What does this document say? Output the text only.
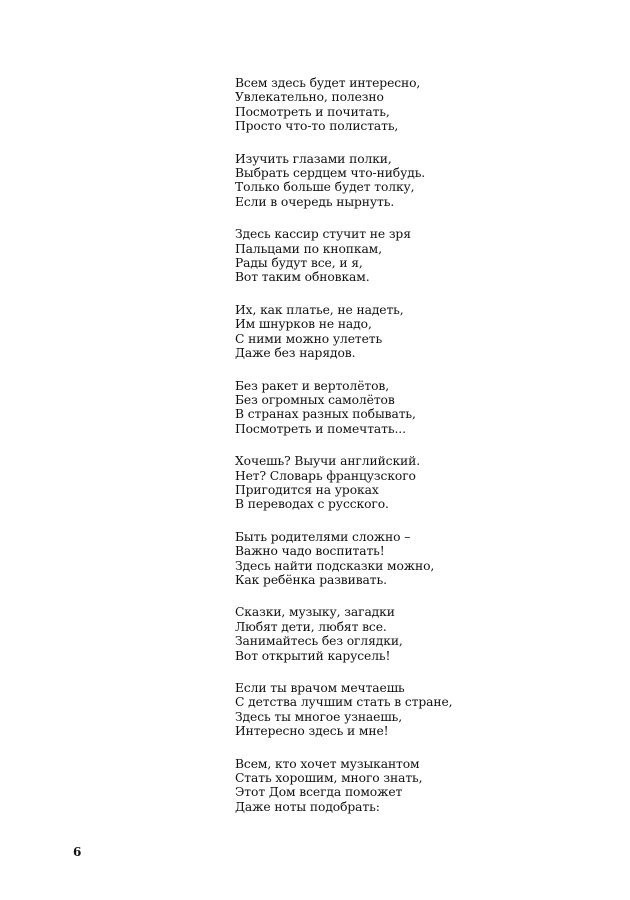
Всем здесь будет интересно,
Увлекательно, полезно
Посмотреть и почитать,
Просто что-то полистать,
Изучить глазами полки,
Выбрать сердцем что-нибудь.
Только больше будет толку,
Если в очередь нырнуть.
Здесь кассир стучит не зря
Пальцами по кнопкам,
Рады будут все, и я,
Вот таким обновкам.
Их, как платье, не надеть,
Им шнурков не надо,
С ними можно улететь
Даже без нарядов.
Без ракет и вертолётов,
Без огромных самолётов
В странах разных побывать,
Посмотреть и помечтать...
Хочешь? Выучи английский.
Нет? Словарь французского
Пригодится на уроках
В переводах с русского.
Быть родителями сложно –
Важно чадо воспитать!
Здесь найти подсказки можно,
Как ребёнка развивать.
Сказки, музыку, загадки
Любят дети, любят все.
Занимайтесь без оглядки,
Вот открытий карусель!
Если ты врачом мечтаешь
С детства лучшим стать в стране,
Здесь ты многое узнаешь,
Интересно здесь и мне!
Всем, кто хочет музыкантом
Стать хорошим, много знать,
Этот Дом всегда поможет
Даже ноты подобрать:
6
